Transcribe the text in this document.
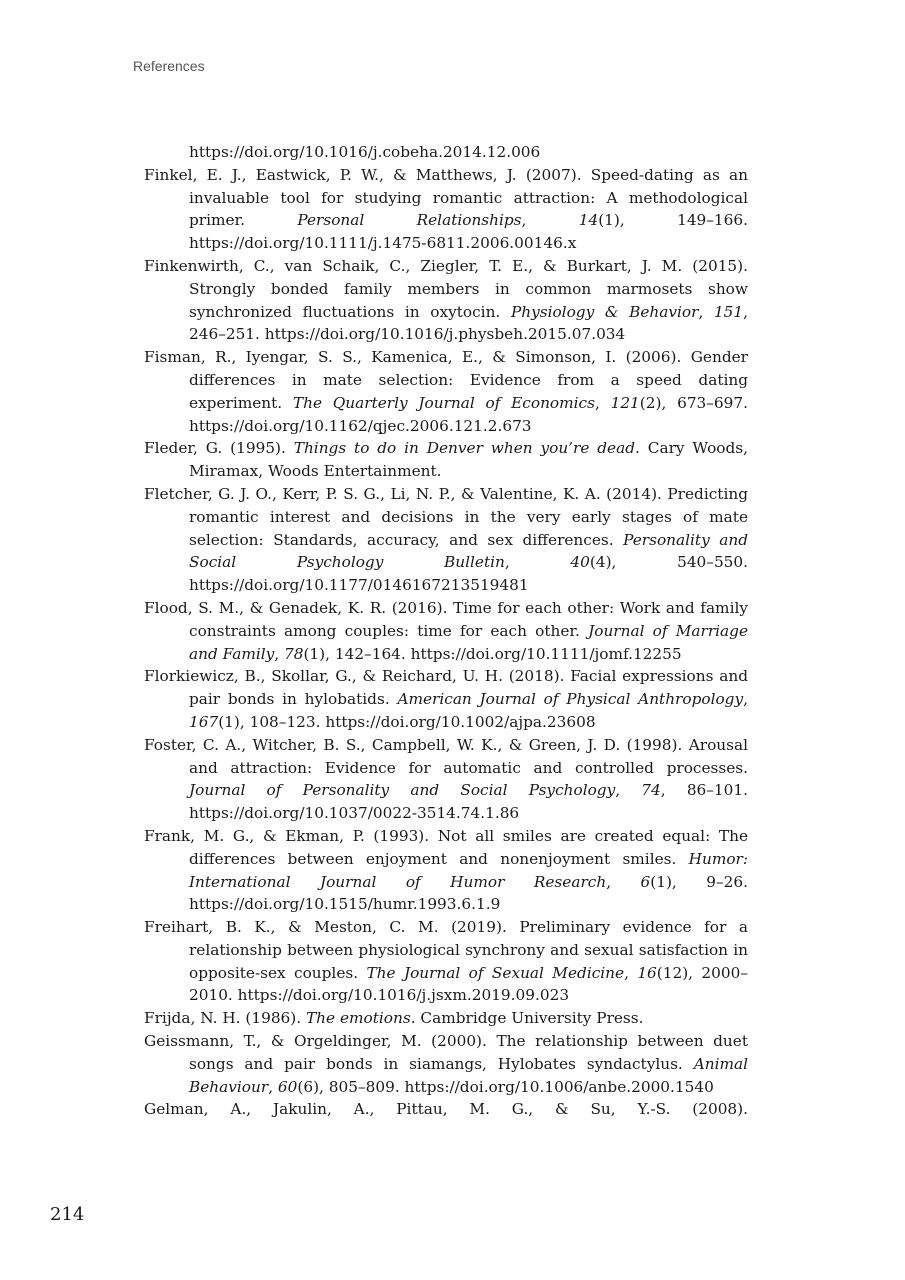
References
https://doi.org/10.1016/j.cobeha.2014.12.006
Finkel, E. J., Eastwick, P. W., & Matthews, J. (2007). Speed-dating as an invaluable tool for studying romantic attraction: A methodological primer. Personal Relationships, 14(1), 149–166. https://doi.org/10.1111/j.1475-6811.2006.00146.x
Finkenwirth, C., van Schaik, C., Ziegler, T. E., & Burkart, J. M. (2015). Strongly bonded family members in common marmosets show synchronized fluctuations in oxytocin. Physiology & Behavior, 151, 246–251. https://doi.org/10.1016/j.physbeh.2015.07.034
Fisman, R., Iyengar, S. S., Kamenica, E., & Simonson, I. (2006). Gender differences in mate selection: Evidence from a speed dating experiment. The Quarterly Journal of Economics, 121(2), 673–697. https://doi.org/10.1162/qjec.2006.121.2.673
Fleder, G. (1995). Things to do in Denver when you’re dead. Cary Woods, Miramax, Woods Entertainment.
Fletcher, G. J. O., Kerr, P. S. G., Li, N. P., & Valentine, K. A. (2014). Predicting romantic interest and decisions in the very early stages of mate selection: Standards, accuracy, and sex differences. Personality and Social Psychology Bulletin, 40(4), 540–550. https://doi.org/10.1177/0146167213519481
Flood, S. M., & Genadek, K. R. (2016). Time for each other: Work and family constraints among couples: time for each other. Journal of Marriage and Family, 78(1), 142–164. https://doi.org/10.1111/jomf.12255
Florkiewicz, B., Skollar, G., & Reichard, U. H. (2018). Facial expressions and pair bonds in hylobatids. American Journal of Physical Anthropology, 167(1), 108–123. https://doi.org/10.1002/ajpa.23608
Foster, C. A., Witcher, B. S., Campbell, W. K., & Green, J. D. (1998). Arousal and attraction: Evidence for automatic and controlled processes. Journal of Personality and Social Psychology, 74, 86–101. https://doi.org/10.1037/0022-3514.74.1.86
Frank, M. G., & Ekman, P. (1993). Not all smiles are created equal: The differences between enjoyment and nonenjoyment smiles. Humor: International Journal of Humor Research, 6(1), 9–26. https://doi.org/10.1515/humr.1993.6.1.9
Freihart, B. K., & Meston, C. M. (2019). Preliminary evidence for a relationship between physiological synchrony and sexual satisfaction in opposite-sex couples. The Journal of Sexual Medicine, 16(12), 2000–2010. https://doi.org/10.1016/j.jsxm.2019.09.023
Frijda, N. H. (1986). The emotions. Cambridge University Press.
Geissmann, T., & Orgeldinger, M. (2000). The relationship between duet songs and pair bonds in siamangs, Hylobates syndactylus. Animal Behaviour, 60(6), 805–809. https://doi.org/10.1006/anbe.2000.1540
Gelman, A., Jakulin, A., Pittau, M. G., & Su, Y.-S. (2008).
214
